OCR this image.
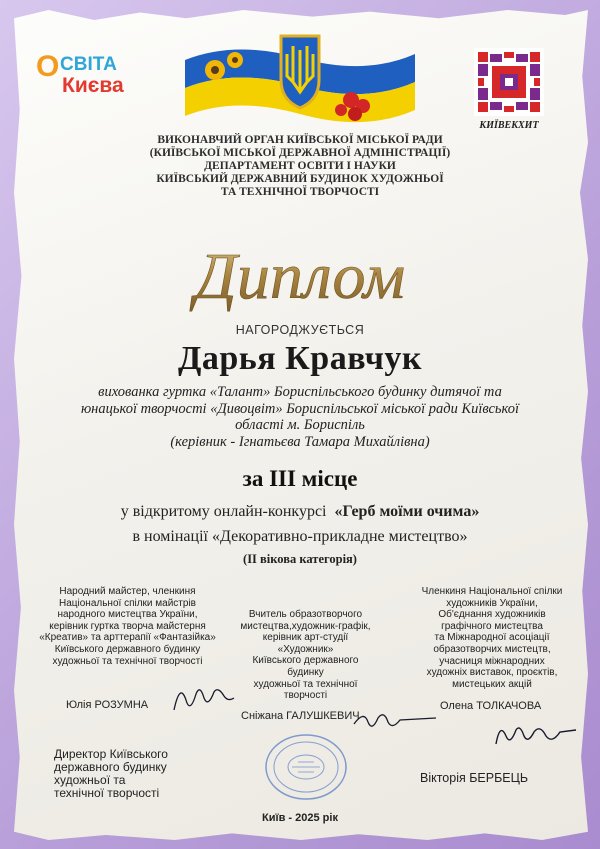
О СВІТА
Києва
КИЇВЕКХИТ
ВИКОНАВЧИЙ ОРГАН КИЇВСЬКОЇ МІСЬКОЇ РАДИ
(КИЇВСЬКОЇ МІСЬКОЇ ДЕРЖАВНОЇ АДМІНІСТРАЦІЇ)
ДЕПАРТАМЕНТ ОСВІТИ І НАУКИ
КИЇВСЬКИЙ ДЕРЖАВНИЙ БУДИНОК ХУДОЖНЬОЇ
ТА ТЕХНІЧНОЇ ТВОРЧОСТІ
Диплом
НАГОРОДЖУЄТЬСЯ
Дарья Кравчук
вихованка гуртка «Талант» Бориспільського будинку дитячої та
юнацької творчості «Дивоцвіт» Бориспільської міської ради Київської
області м. Бориспіль
(керівник - Ігнатьєва Тамара Михайлівна)
за ІІІ місце
у відкритому онлайн-конкурсі «Герб моїми очима»
в номінації «Декоративно-прикладне мистецтво»
(ІІ вікова категорія)
Народний майстер, членкиня
Національної спілки майстрів
народного мистецтва України,
керівник гуртка творча майстерня
«Креатив» та арттерапії «Фантазійка»
Київського державного будинку
художньої та технічної творчості
Вчитель образотворчого
мистецтва,художник-графік,
керівник арт-студії
«Художник»
Київського державного
будинку
художньої та технічної
творчості
Членкиня Національної спілки
художників України,
Об'єднання художників
графічного мистецтва
та Міжнародної асоціації
образотворчих мистецтв,
учасниця міжнародних
художніх виставок, проєктів,
мистецьких акцій
Юлія РОЗУМНА
Сніжана ГАЛУШКЕВИЧ
Олена ТОЛКАЧОВА
Директор Київського
державного будинку
художньої та
технічної творчості
Вікторія БЕРБЕЦЬ
Київ - 2025 рік
